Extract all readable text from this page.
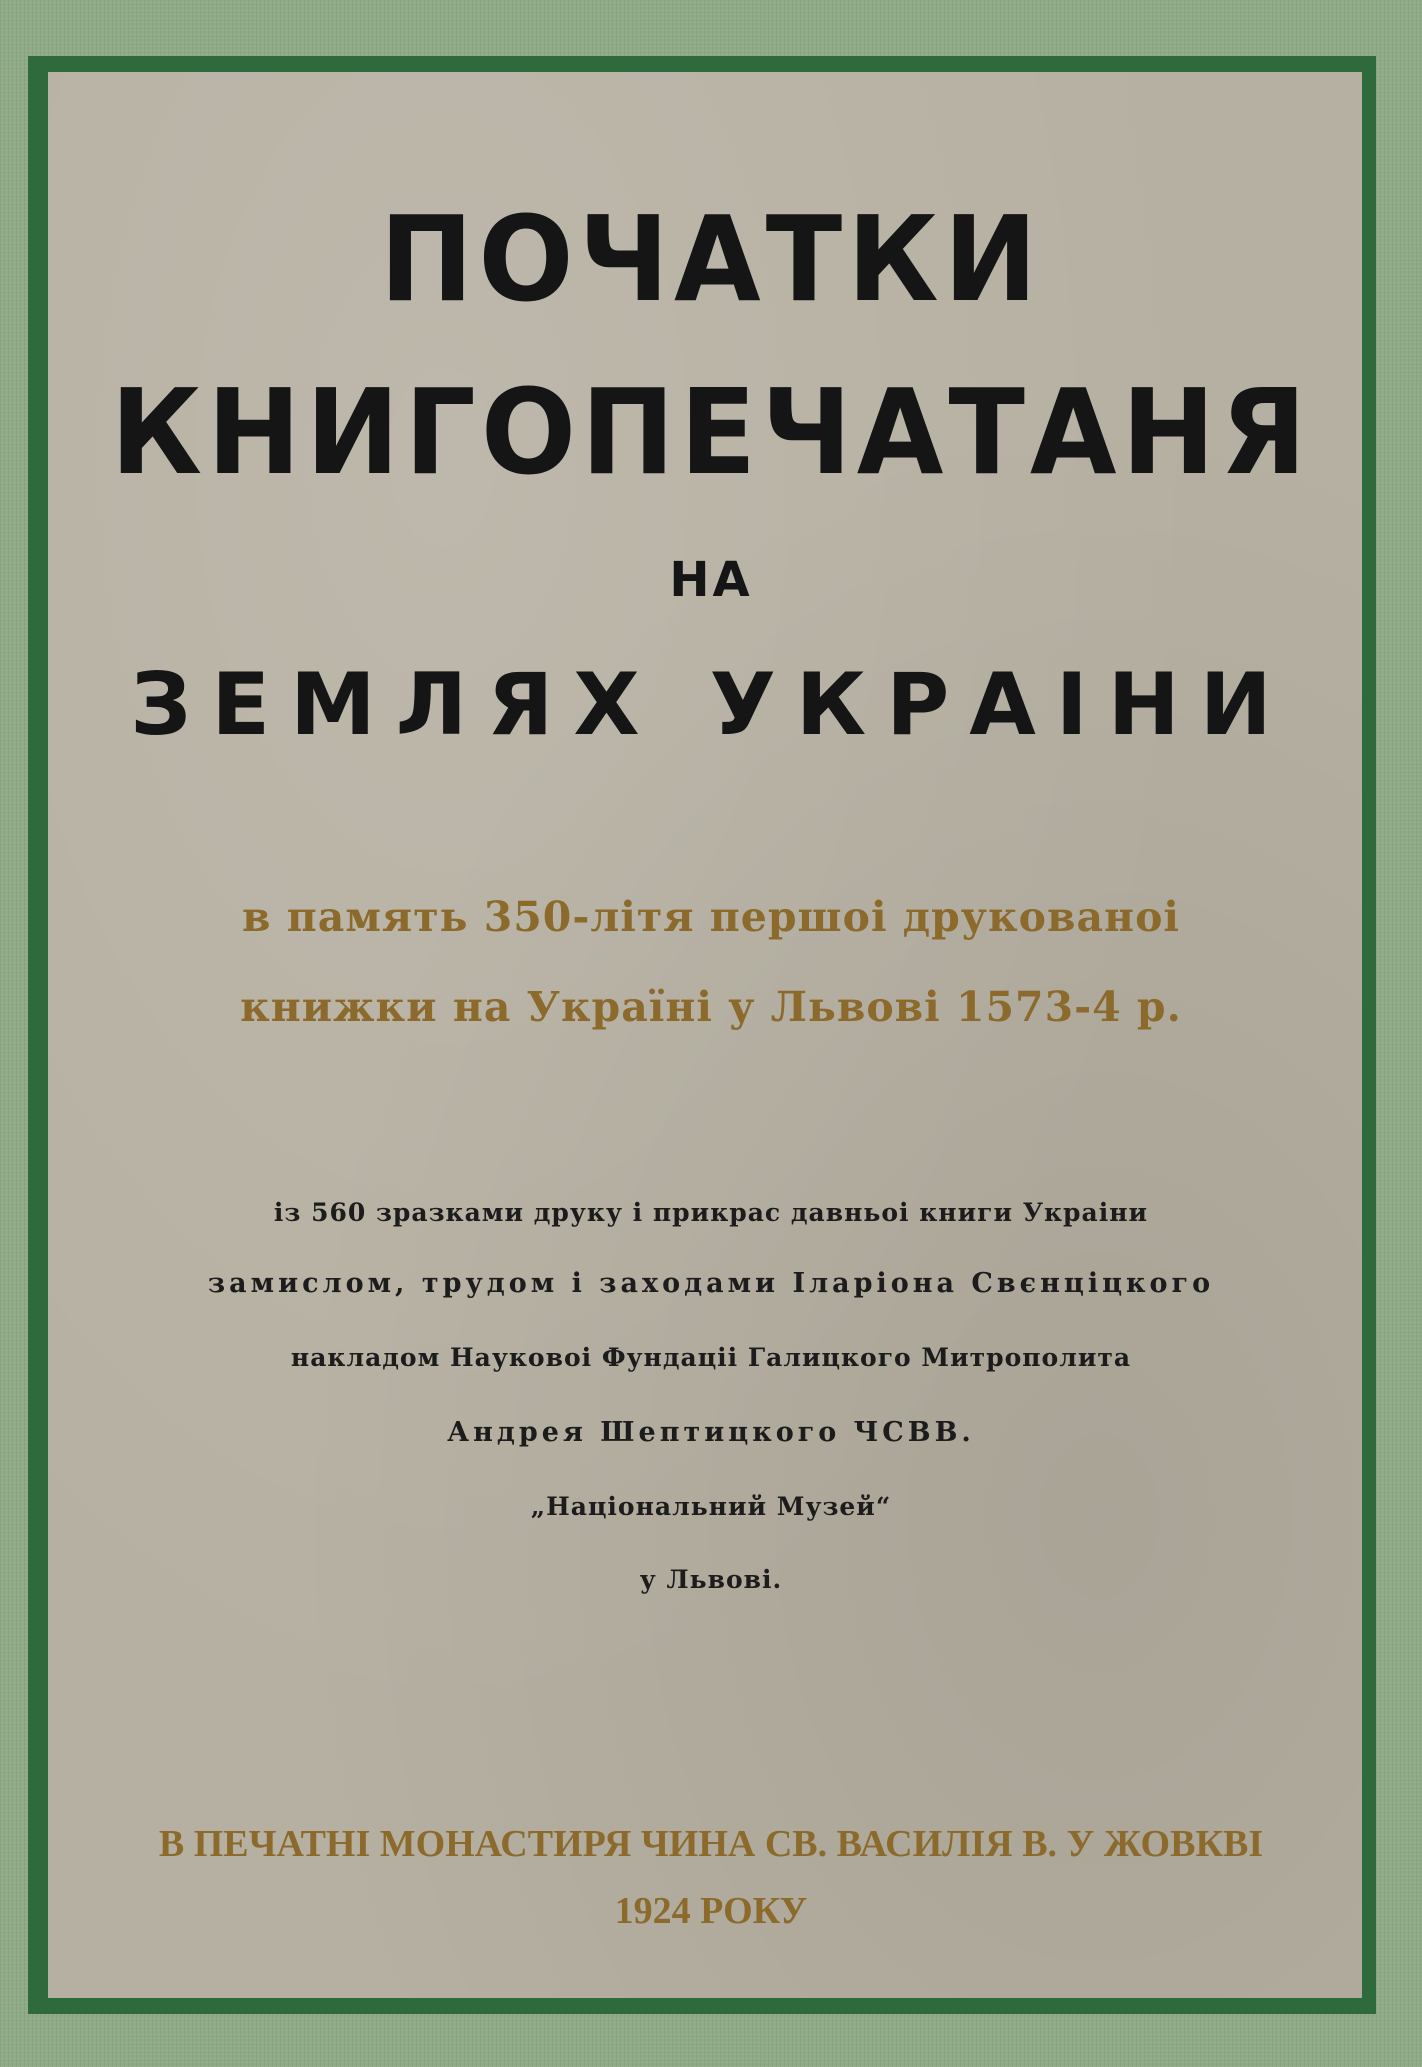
ПОЧАТКИ
КНИГОПЕЧАТАНЯ
НА
ЗЕМЛЯХ УКРАІНИ
в память 350-літя першоі друкованоі
книжки на Україні у Львові 1573-4 р.
із 560 зразками друку і прикрас давньоі книги Украіни
замислом, трудом і заходами Іларіона Свєнціцкого
накладом Науковоі Фундаціі Галицкого Митрополита
Андрея Шептицкого ЧСВВ.
„Національний Музей“
у Львові.
В ПЕЧАТНІ МОНАСТИРЯ ЧИНА СВ. ВАСИЛІЯ В. У ЖОВКВІ
1924 РОКУ
